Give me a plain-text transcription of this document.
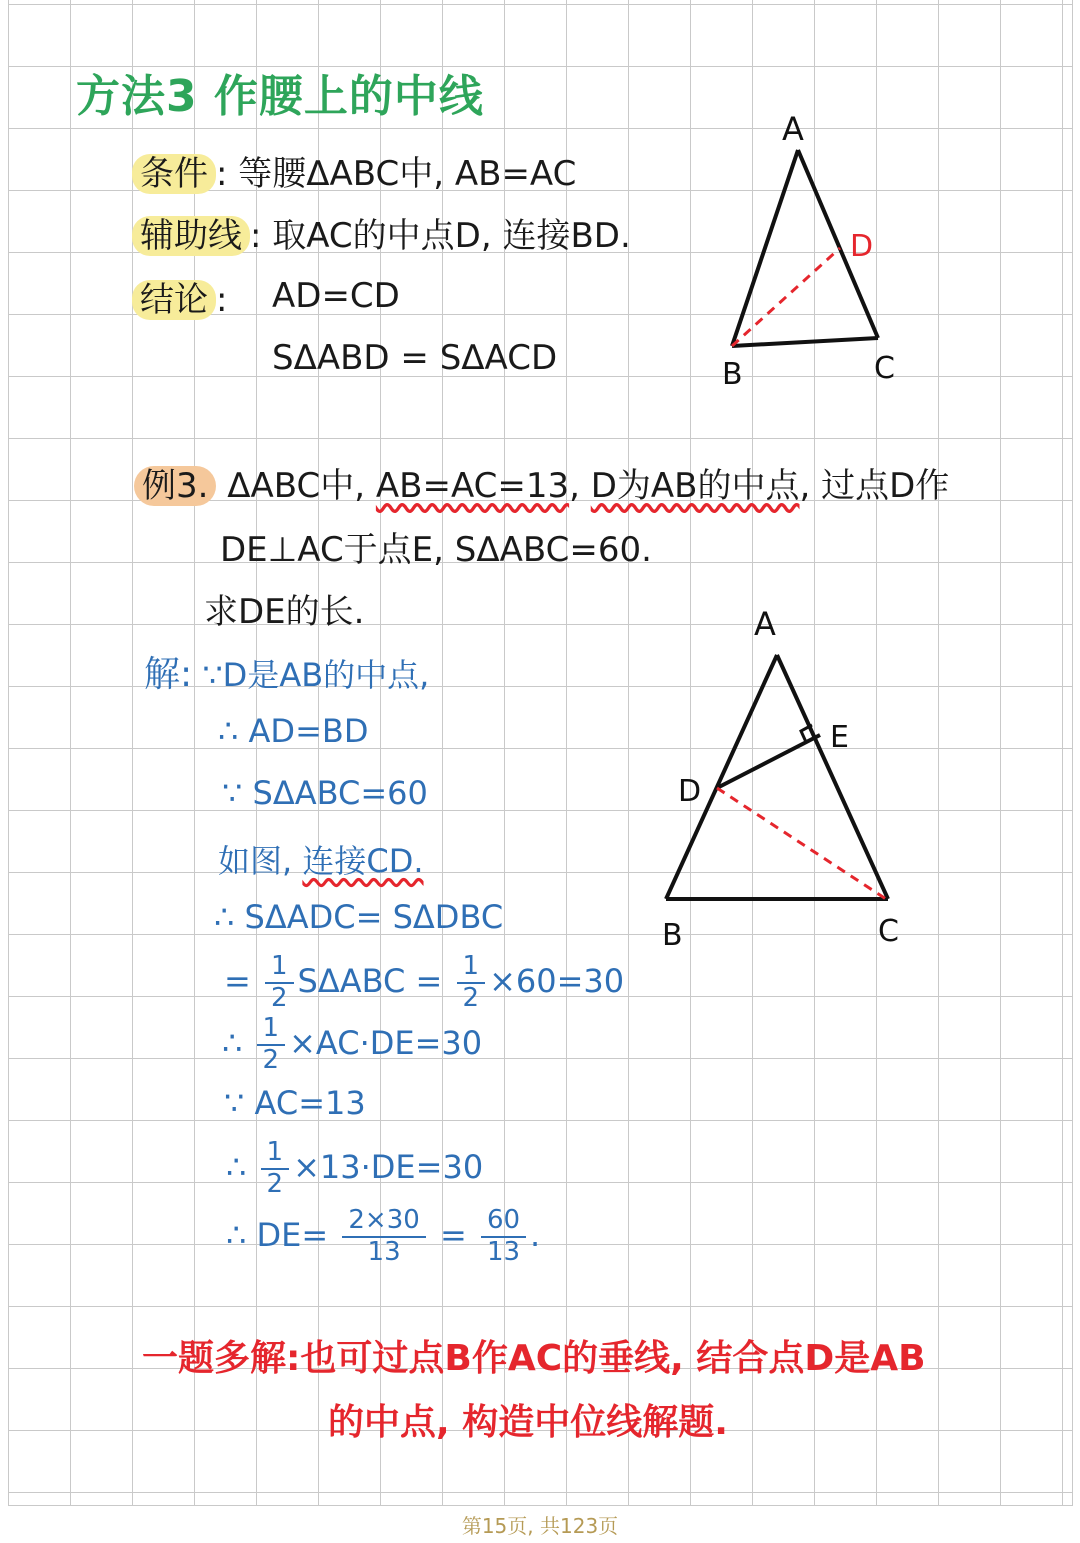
方法3 作腰上的中线
条件 : 等腰ΔABC中, AB=AC
辅助线 : 取AC的中点D, 连接BD.
结论 : AD=CD
SΔABD = SΔACD
A
B	C
D
例3. ΔABC中, AB=AC=13, D为AB的中点, 过点D作
DE⊥AC于点E, SΔABC=60.
求DE的长.	A
B	C
D
E
解: ∵D是AB的中点,
∴ AD=BD
∵ SΔABC=60
如图, 连接CD.
∴ SΔADC= SΔDBC
= $\frac{1}{2}$ $S\Delta ABC = \frac{1}{2} \times 60=30$
∴ $\frac{1}{2} \times AC\cdot DE=30$
∵ AC=13
∴ $\frac{1}{2} \times 13\cdot DE=30$
∴ $DE= \frac{2\times 30}{13} = \frac{60}{13}$ .
一题多解:也可过点B作AC的垂线, 结合点D是AB
的中点, 构造中位线解题.
第15页, 共123页
